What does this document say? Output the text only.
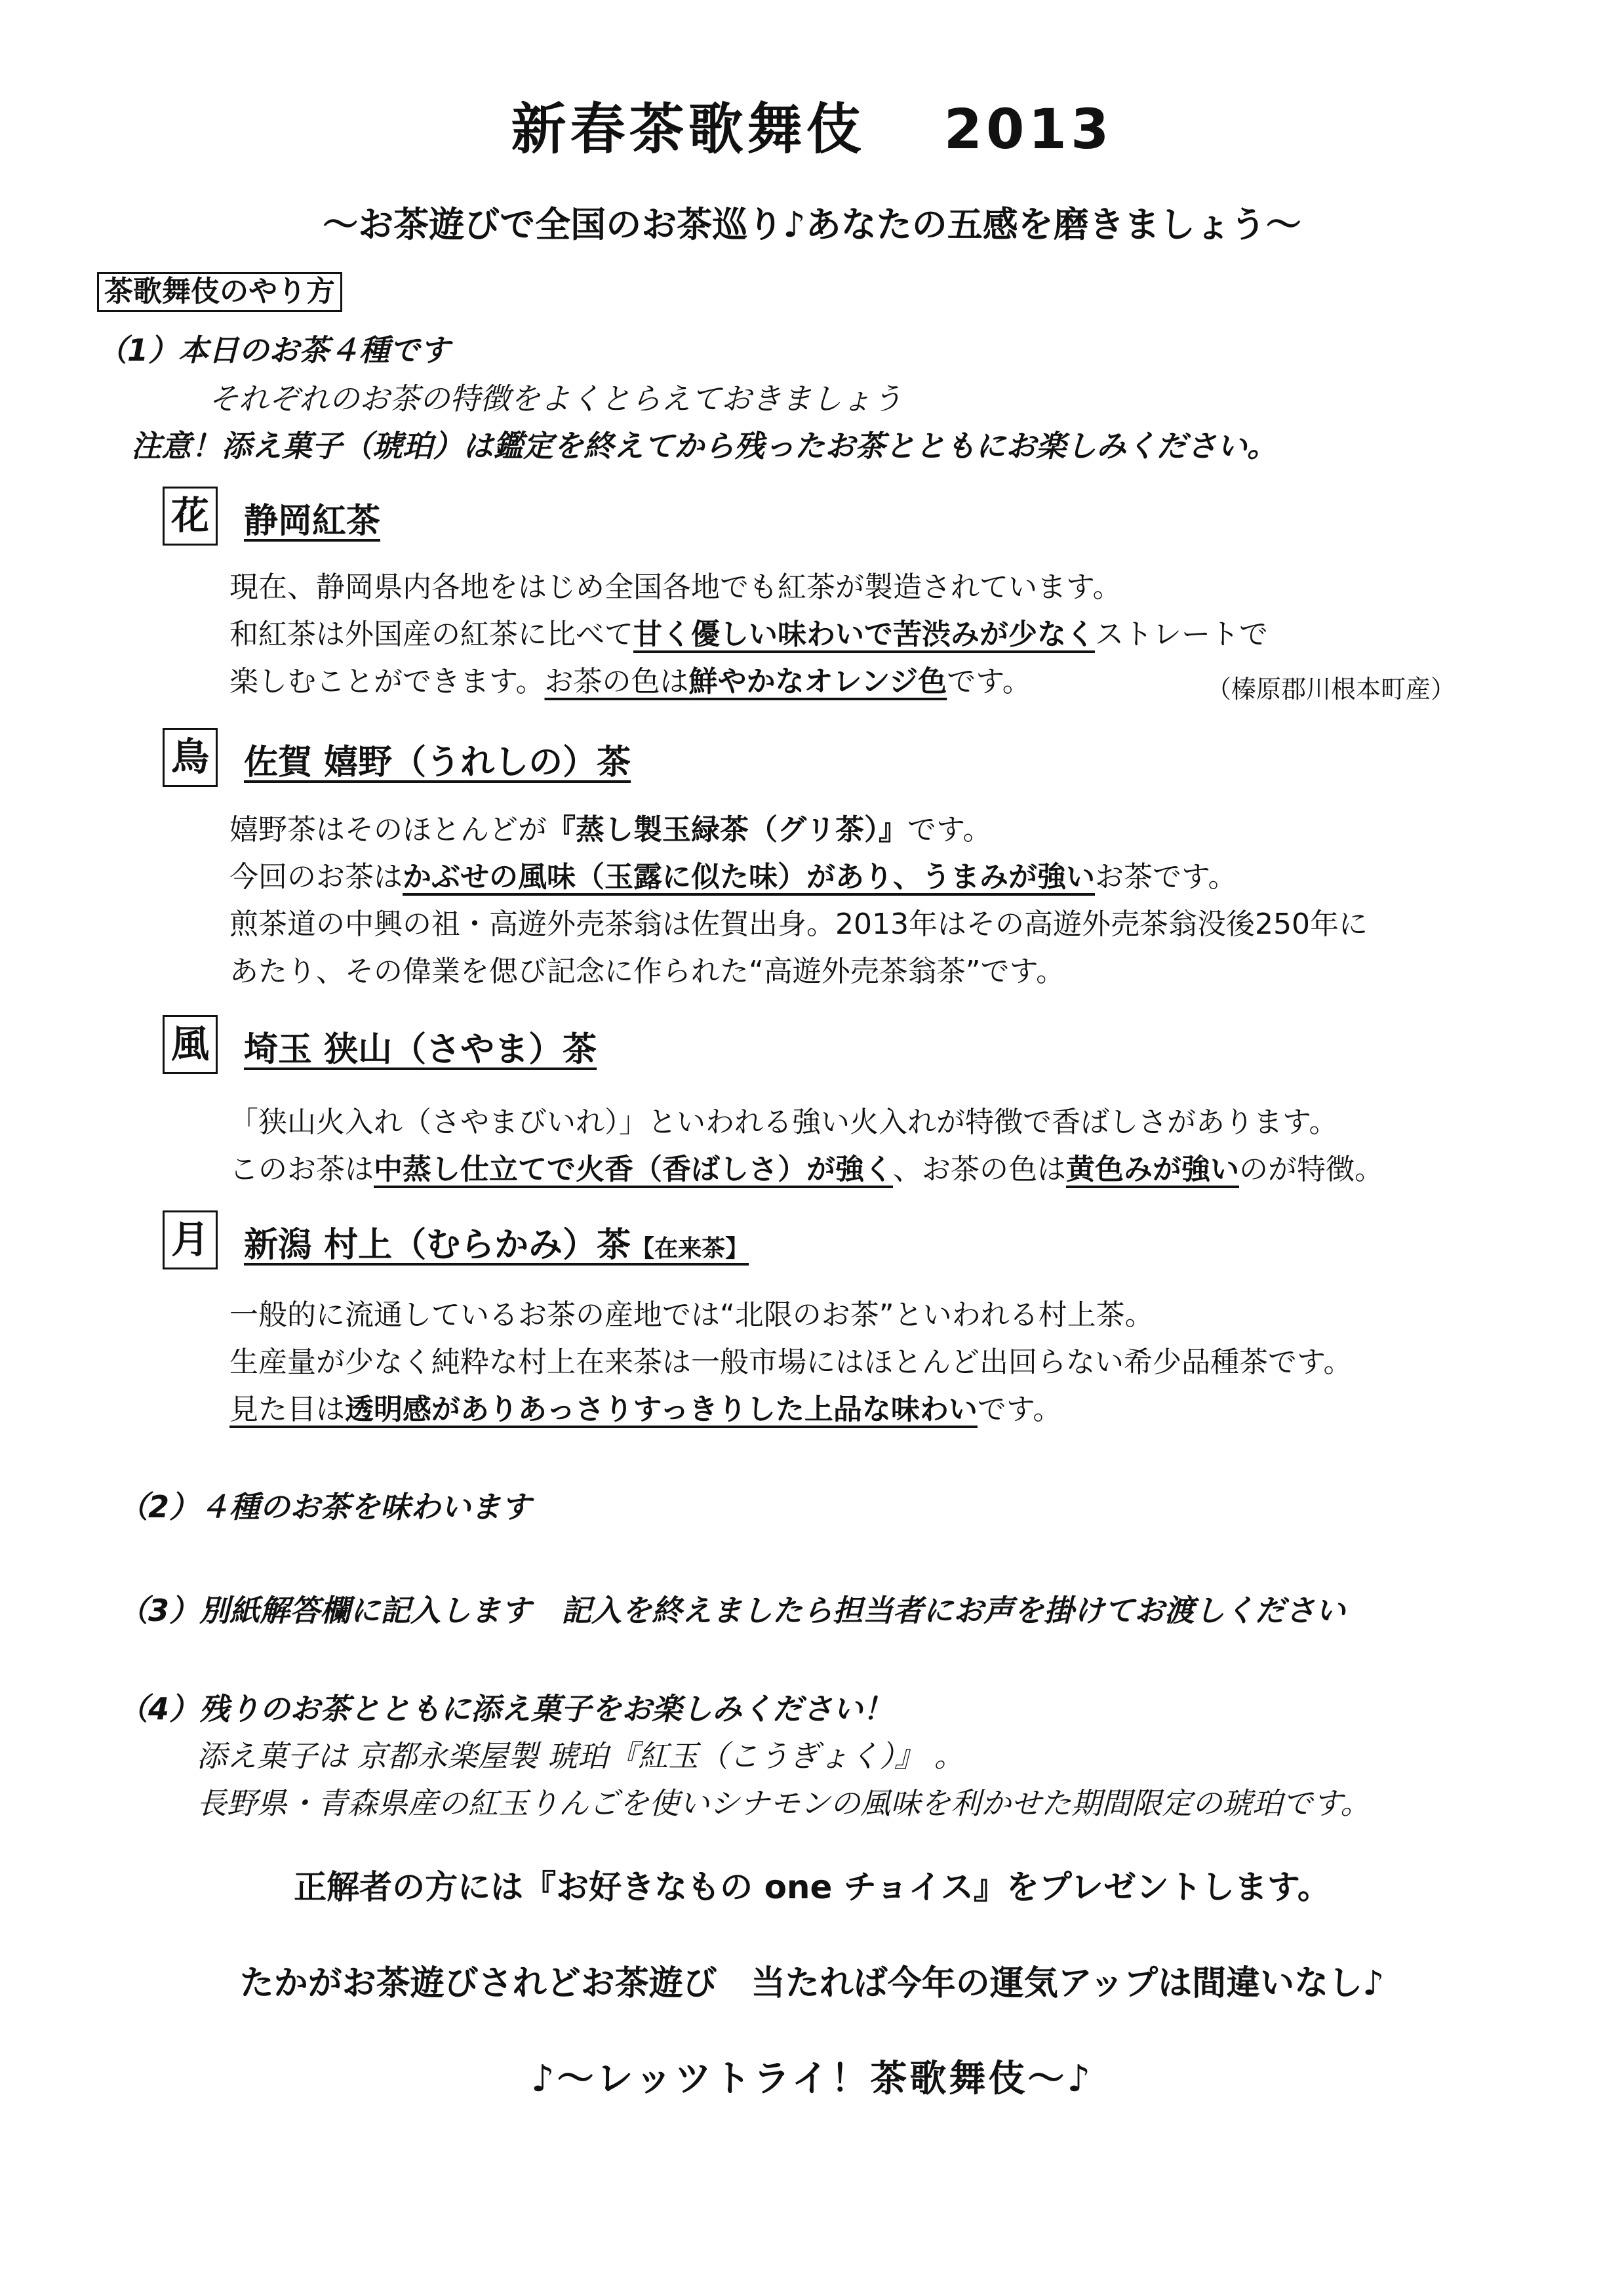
新春茶歌舞伎 2013
～お茶遊びで全国のお茶巡り♪あなたの五感を磨きましょう～
茶歌舞伎のやり方
（1）本日のお茶４種です
それぞれのお茶の特徴をよくとらえておきましょう
注意！添え菓子（琥珀）は鑑定を終えてから残ったお茶とともにお楽しみください。
花 静岡紅茶
現在、静岡県内各地をはじめ全国各地でも紅茶が製造されています。
和紅茶は外国産の紅茶に比べて甘く優しい味わいで苦渋みが少なくストレートで
楽しむことができます。お茶の色は鮮やかなオレンジ色です。	（榛原郡川根本町産）
鳥 佐賀 嬉野（うれしの）茶
嬉野茶はそのほとんどが『蒸し製玉緑茶（グリ茶）』です。
今回のお茶はかぶせの風味（玉露に似た味）があり、うまみが強いお茶です。
煎茶道の中興の祖・高遊外売茶翁は佐賀出身。2013年はその高遊外売茶翁没後250年に
あたり、その偉業を偲び記念に作られた“高遊外売茶翁茶”です。
風 埼玉 狭山（さやま）茶
「狭山火入れ（さやまびいれ）」といわれる強い火入れが特徴で香ばしさがあります。
このお茶は中蒸し仕立てで火香（香ばしさ）が強く、お茶の色は黄色みが強いのが特徴。
月 新潟 村上（むらかみ）茶【在来茶】
一般的に流通しているお茶の産地では“北限のお茶”といわれる村上茶。
生産量が少なく純粋な村上在来茶は一般市場にはほとんど出回らない希少品種茶です。
見た目は透明感がありあっさりすっきりした上品な味わいです。
（2）４種のお茶を味わいます
（3）別紙解答欄に記入します　記入を終えましたら担当者にお声を掛けてお渡しください
（4）残りのお茶とともに添え菓子をお楽しみください！
添え菓子は 京都永楽屋製 琥珀『紅玉（こうぎょく）』 。
長野県・青森県産の紅玉りんごを使いシナモンの風味を利かせた期間限定の琥珀です。
正解者の方には『お好きなもの one チョイス』をプレゼントします。
たかがお茶遊びされどお茶遊び　当たれば今年の運気アップは間違いなし♪
♪～レッツトライ！茶歌舞伎～♪
